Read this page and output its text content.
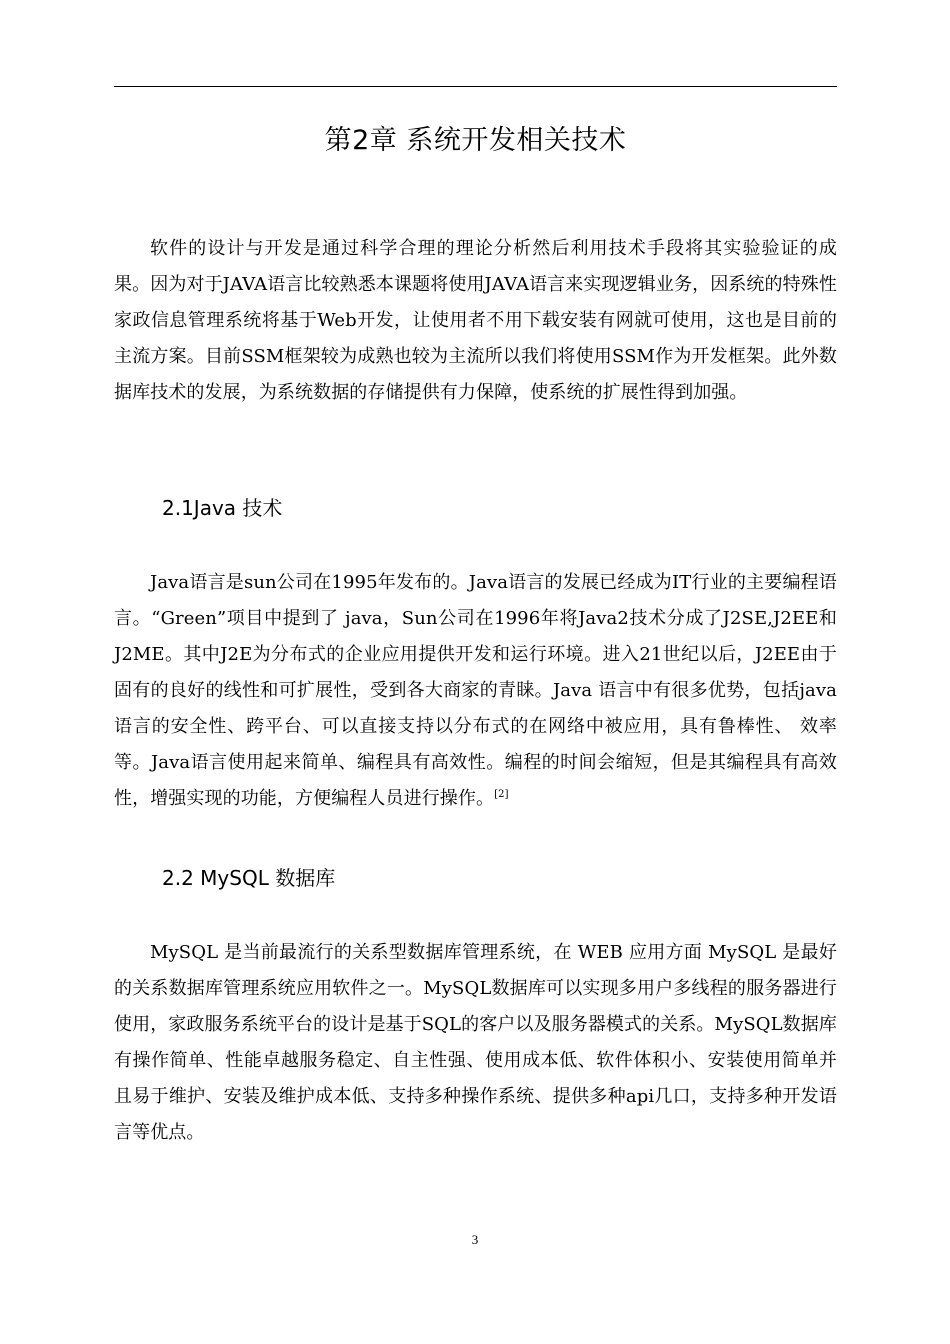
第2章 系统开发相关技术

软件的设计与开发是通过科学合理的理论分析然后利用技术手段将其实验验证的成果。因为对于JAVA语言比较熟悉本课题将使用JAVA语言来实现逻辑业务，因系统的特殊性家政信息管理系统将基于Web开发，让使用者不用下载安装有网就可使用，这也是目前的主流方案。目前SSM框架较为成熟也较为主流所以我们将使用SSM作为开发框架。此外数据库技术的发展，为系统数据的存储提供有力保障，使系统的扩展性得到加强。

2.1Java 技术

Java语言是sun公司在1995年发布的。Java语言的发展已经成为IT行业的主要编程语言。“Green”项目中提到了 java，Sun公司在1996年将Java2技术分成了J2SE,J2EE和J2ME。其中J2E为分布式的企业应用提供开发和运行环境。进入21世纪以后，J2EE由于固有的良好的线性和可扩展性，受到各大商家的青睐。Java 语言中有很多优势，包括java语言的安全性、跨平台、可以直接支持以分布式的在网络中被应用，具有鲁棒性、 效率等。Java语言使用起来简单、编程具有高效性。编程的时间会缩短，但是其编程具有高效性，增强实现的功能，方便编程人员进行操作。[2]

2.2 MySQL 数据库

MySQL 是当前最流行的关系型数据库管理系统，在 WEB 应用方面 MySQL 是最好的关系数据库管理系统应用软件之一。MySQL数据库可以实现多用户多线程的服务器进行使用，家政服务系统平台的设计是基于SQL的客户以及服务器模式的关系。MySQL数据库有操作简单、性能卓越服务稳定、自主性强、使用成本低、软件体积小、安装使用简单并且易于维护、安装及维护成本低、支持多种操作系统、提供多种api几口，支持多种开发语言等优点。

3
